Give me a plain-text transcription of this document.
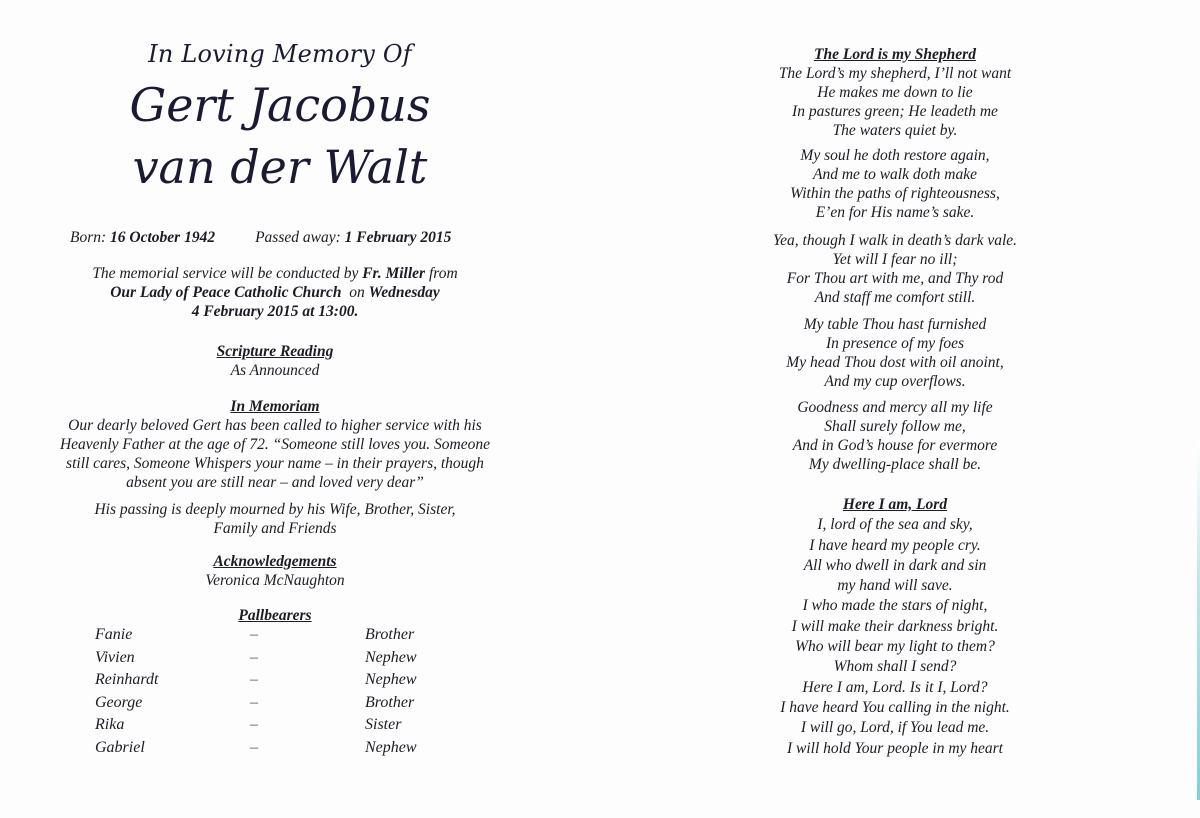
In Loving Memory Of
Gert Jacobus
van der Walt
Born: 16 October 1942	Passed away: 1 February 2015
The memorial service will be conducted by Fr. Miller from
Our Lady of Peace Catholic Church on Wednesday
4 February 2015 at 13:00.
Scripture Reading
As Announced
In Memoriam
Our dearly beloved Gert has been called to higher service with his
Heavenly Father at the age of 72. “Someone still loves you. Someone
still cares, Someone Whispers your name – in their prayers, though
absent you are still near – and loved very dear”
His passing is deeply mourned by his Wife, Brother, Sister,
Family and Friends
Acknowledgements
Veronica McNaughton
Pallbearers
Fanie	–	Brother
Vivien	–	Nephew
Reinhardt	–	Nephew
George	–	Brother
Rika	–	Sister
Gabriel	–	Nephew
The Lord is my Shepherd
The Lord’s my shepherd, I’ll not want
He makes me down to lie
In pastures green; He leadeth me
The waters quiet by.
My soul he doth restore again,
And me to walk doth make
Within the paths of righteousness,
E’en for His name’s sake.
Yea, though I walk in death’s dark vale.
Yet will I fear no ill;
For Thou art with me, and Thy rod
And staff me comfort still.
My table Thou hast furnished
In presence of my foes
My head Thou dost with oil anoint,
And my cup overflows.
Goodness and mercy all my life
Shall surely follow me,
And in God’s house for evermore
My dwelling-place shall be.
Here I am, Lord
I, lord of the sea and sky,
I have heard my people cry.
All who dwell in dark and sin
my hand will save.
I who made the stars of night,
I will make their darkness bright.
Who will bear my light to them?
Whom shall I send?
Here I am, Lord. Is it I, Lord?
I have heard You calling in the night.
I will go, Lord, if You lead me.
I will hold Your people in my heart
